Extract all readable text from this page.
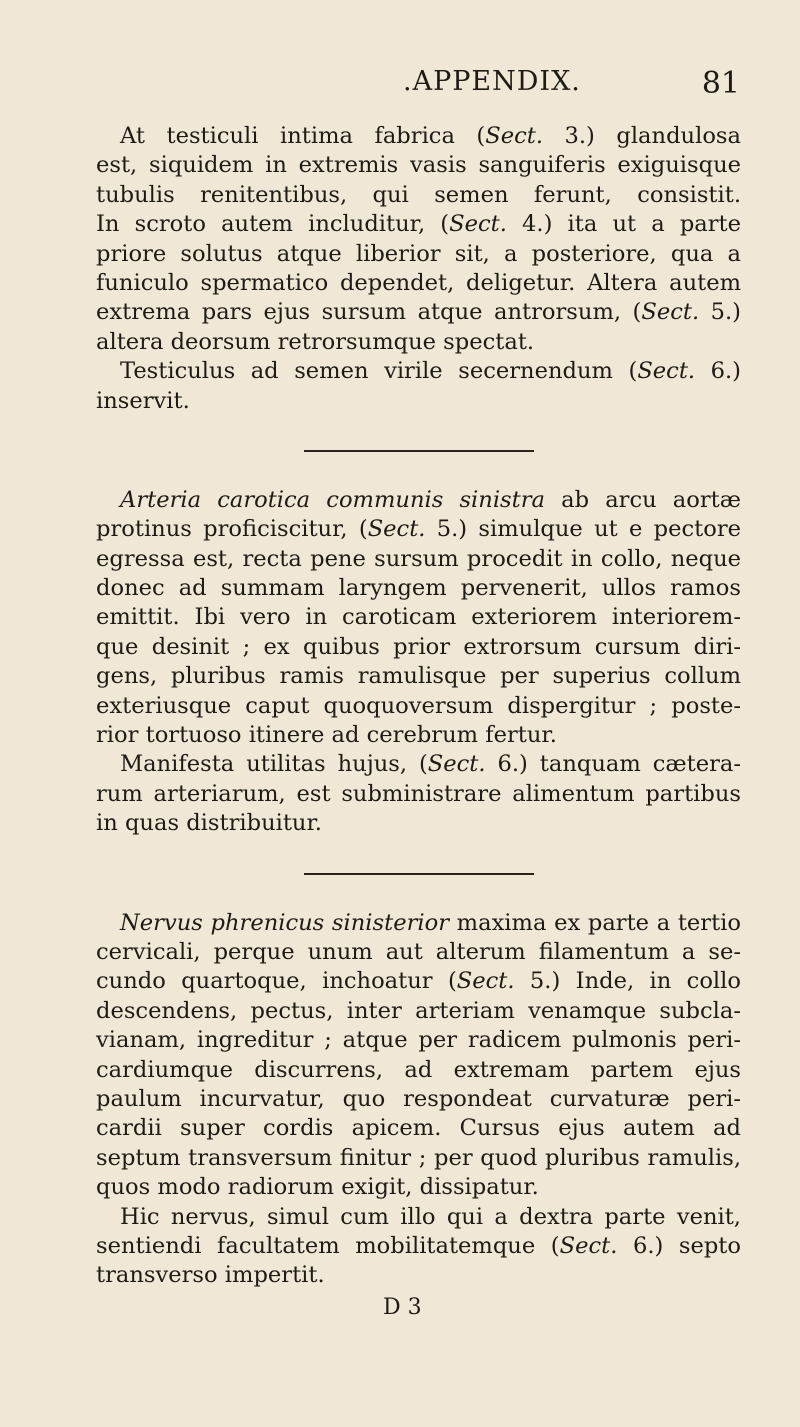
.APPENDIX.	81
At testiculi intima fabrica (Sect. 3.) glandulosa
est, siquidem in extremis vasis sanguiferis exiguisque
tubulis renitentibus, qui semen ferunt, consistit.
In scroto autem includitur, (Sect. 4.) ita ut a parte
priore solutus atque liberior sit, a posteriore, qua a
funiculo spermatico dependet, deligetur. Altera autem
extrema pars ejus sursum atque antrorsum, (Sect. 5.)
altera deorsum retrorsumque spectat.
Testiculus ad semen virile secernendum (Sect. 6.)
inservit.
Arteria carotica communis sinistra ab arcu aortæ
protinus proficiscitur, (Sect. 5.) simulque ut e pectore
egressa est, recta pene sursum procedit in collo, neque
donec ad summam laryngem pervenerit, ullos ramos
emittit. Ibi vero in caroticam exteriorem interiorem-
que desinit ; ex quibus prior extrorsum cursum diri-
gens, pluribus ramis ramulisque per superius collum
exteriusque caput quoquoversum dispergitur ; poste-
rior tortuoso itinere ad cerebrum fertur.
Manifesta utilitas hujus, (Sect. 6.) tanquam cætera-
rum arteriarum, est subministrare alimentum partibus
in quas distribuitur.
Nervus phrenicus sinisterior maxima ex parte a tertio
cervicali, perque unum aut alterum filamentum a se-
cundo quartoque, inchoatur (Sect. 5.) Inde, in collo
descendens, pectus, inter arteriam venamque subcla-
vianam, ingreditur ; atque per radicem pulmonis peri-
cardiumque discurrens, ad extremam partem ejus
paulum incurvatur, quo respondeat curvaturæ peri-
cardii super cordis apicem. Cursus ejus autem ad
septum transversum finitur ; per quod pluribus ramulis,
quos modo radiorum exigit, dissipatur.
Hic nervus, simul cum illo qui a dextra parte venit,
sentiendi facultatem mobilitatemque (Sect. 6.) septo
transverso impertit.
D 3
